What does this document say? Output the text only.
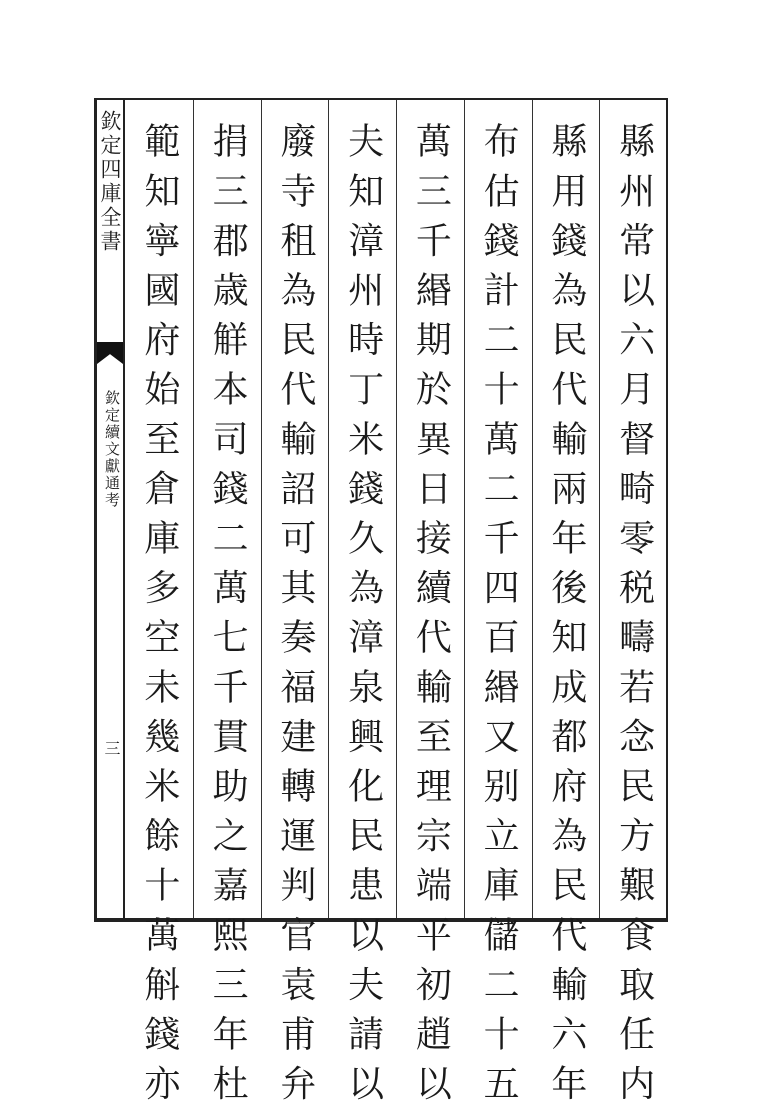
欽定四庫全書
欽定續文獻通考
三	縣州常以六月督畸零税疇若念民方艱食取任内
縣用錢為民代輸兩年後知成都府為民代輸六年
布估錢計二十萬二千四百緡又别立庫儲二十五
萬三千緡期於異日接續代輸至理宗端平初趙以
夫知漳州時丁米錢久為漳泉興化民患以夫請以
廢寺租為民代輸詔可其奏福建轉運判官袁甫弁
捐三郡歳觧本司錢二萬七千貫助之嘉熙三年杜
範知寧國府始至倉庫多空未幾米餘十萬斛錢亦
